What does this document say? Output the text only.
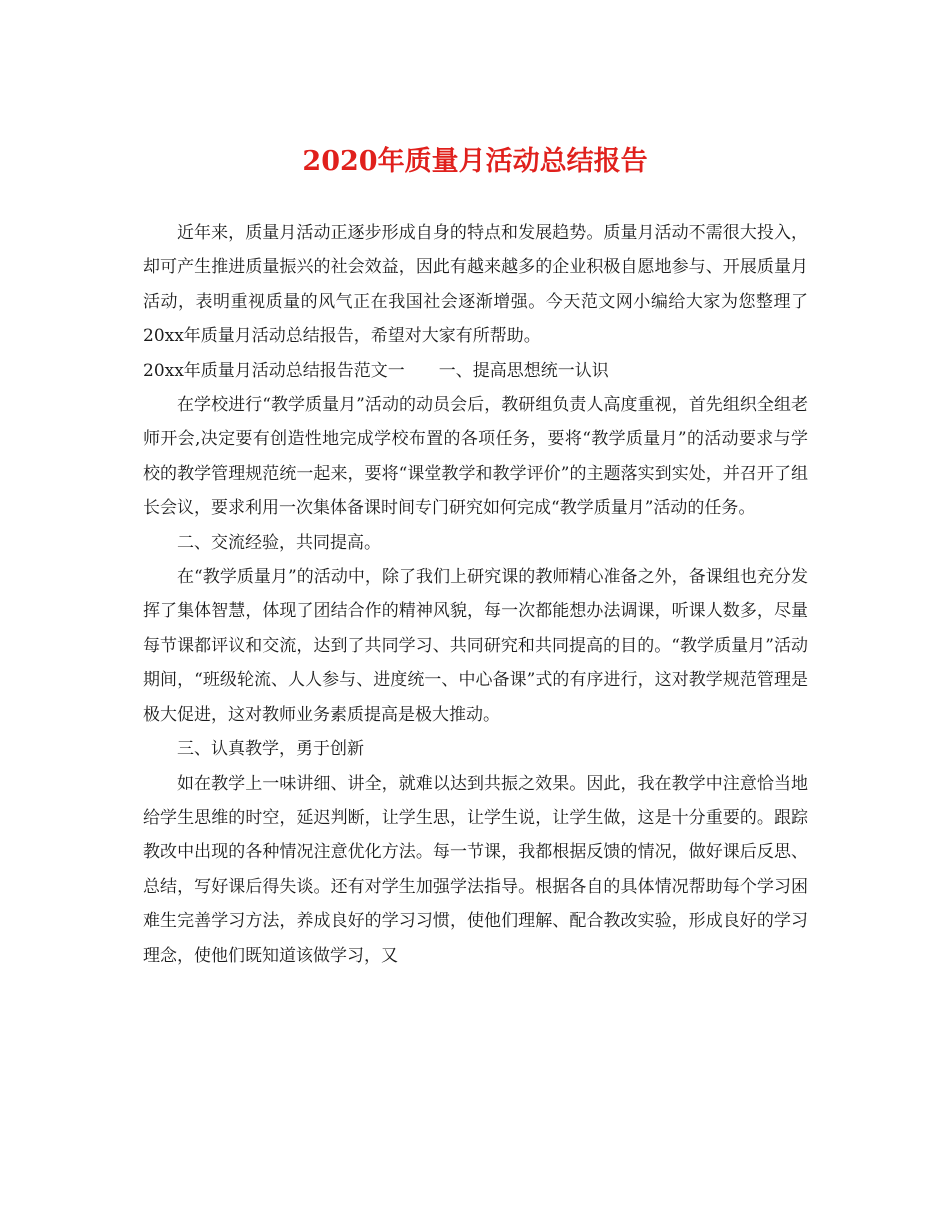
2020年质量月活动总结报告

近年来，质量月活动正逐步形成自身的特点和发展趋势。质量月活动不需很大投入，却可产生推进质量振兴的社会效益，因此有越来越多的企业积极自愿地参与、开展质量月活动，表明重视质量的风气正在我国社会逐渐增强。今天范文网小编给大家为您整理了20xx年质量月活动总结报告，希望对大家有所帮助。

20xx年质量月活动总结报告范文一　　一、提高思想统一认识

在学校进行“教学质量月”活动的动员会后，教研组负责人高度重视，首先组织全组老师开会,决定要有创造性地完成学校布置的各项任务，要将“教学质量月”的活动要求与学校的教学管理规范统一起来，要将“课堂教学和教学评价”的主题落实到实处，并召开了组长会议，要求利用一次集体备课时间专门研究如何完成“教学质量月”活动的任务。

二、交流经验，共同提高。

在“教学质量月”的活动中，除了我们上研究课的教师精心准备之外，备课组也充分发挥了集体智慧，体现了团结合作的精神风貌，每一次都能想办法调课，听课人数多，尽量每节课都评议和交流，达到了共同学习、共同研究和共同提高的目的。“教学质量月”活动期间，“班级轮流、人人参与、进度统一、中心备课”式的有序进行，这对教学规范管理是极大促进，这对教师业务素质提高是极大推动。

三、认真教学，勇于创新

如在教学上一味讲细、讲全，就难以达到共振之效果。因此，我在教学中注意恰当地给学生思维的时空，延迟判断，让学生思，让学生说，让学生做，这是十分重要的。跟踪教改中出现的各种情况注意优化方法。每一节课，我都根据反馈的情况，做好课后反思、总结，写好课后得失谈。还有对学生加强学法指导。根据各自的具体情况帮助每个学习困难生完善学习方法，养成良好的学习习惯，使他们理解、配合教改实验，形成良好的学习理念，使他们既知道该做学习，又
